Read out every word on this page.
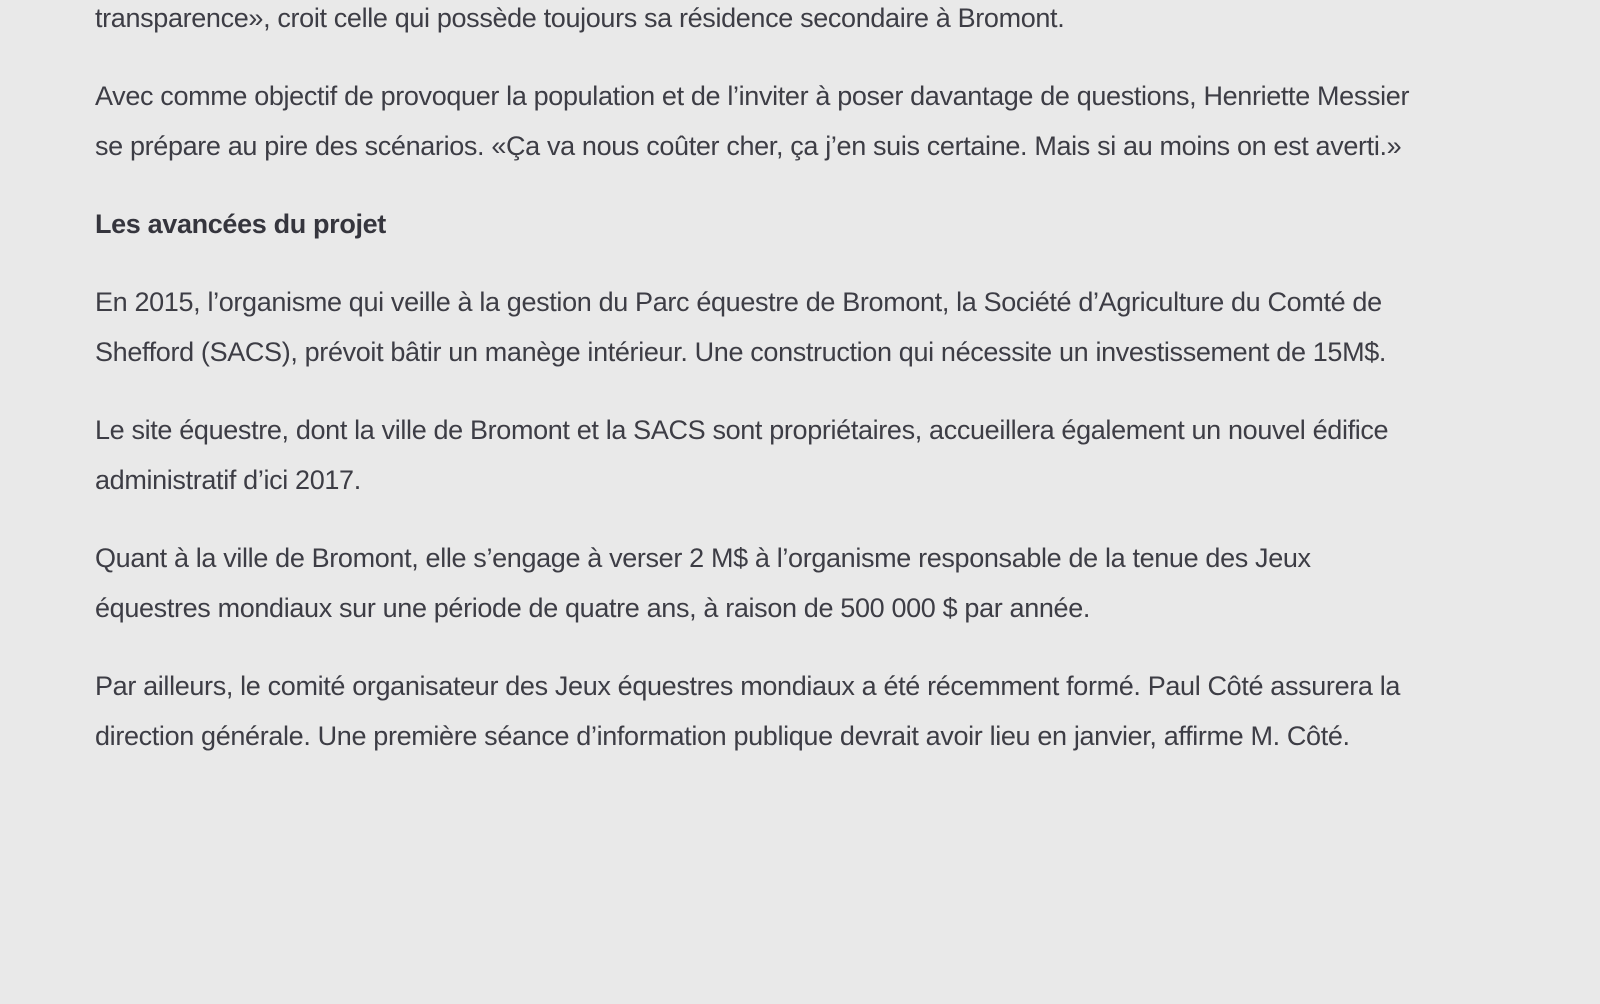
transparence», croit celle qui possède toujours sa résidence secondaire à Bromont.

Avec comme objectif de provoquer la population et de l’inviter à poser davantage de questions, Henriette Messier se prépare au pire des scénarios. «Ça va nous coûter cher, ça j’en suis certaine. Mais si au moins on est averti.»

Les avancées du projet

En 2015, l’organisme qui veille à la gestion du Parc équestre de Bromont, la Société d’Agriculture du Comté de Shefford (SACS), prévoit bâtir un manège intérieur. Une construction qui nécessite un investissement de 15M$.

Le site équestre, dont la ville de Bromont et la SACS sont propriétaires, accueillera également un nouvel édifice administratif d’ici 2017.

Quant à la ville de Bromont, elle s’engage à verser 2 M$ à l’organisme responsable de la tenue des Jeux équestres mondiaux sur une période de quatre ans, à raison de 500 000 $ par année.

Par ailleurs, le comité organisateur des Jeux équestres mondiaux a été récemment formé. Paul Côté assurera la direction générale. Une première séance d’information publique devrait avoir lieu en janvier, affirme M. Côté.
